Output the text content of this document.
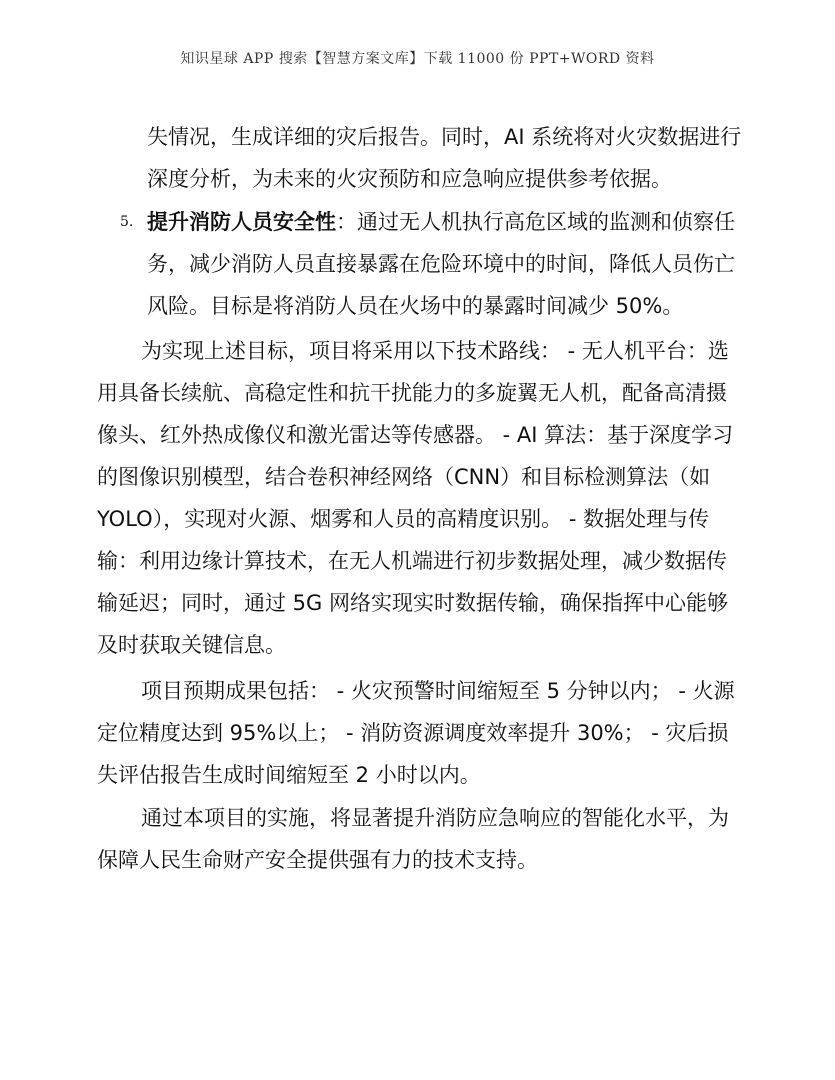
知识星球 APP 搜索【智慧方案文库】下载 11000 份 PPT+WORD 资料
失情况，生成详细的灾后报告。同时，AI 系统将对火灾数据进行深度分析，为未来的火灾预防和应急响应提供参考依据。
5. 提升消防人员安全性：通过无人机执行高危区域的监测和侦察任务，减少消防人员直接暴露在危险环境中的时间，降低人员伤亡风险。目标是将消防人员在火场中的暴露时间减少 50%。
为实现上述目标，项目将采用以下技术路线： - 无人机平台：选用具备长续航、高稳定性和抗干扰能力的多旋翼无人机，配备高清摄像头、红外热成像仪和激光雷达等传感器。 - AI 算法：基于深度学习的图像识别模型，结合卷积神经网络（CNN）和目标检测算法（如 YOLO），实现对火源、烟雾和人员的高精度识别。 - 数据处理与传输：利用边缘计算技术，在无人机端进行初步数据处理，减少数据传输延迟；同时，通过 5G 网络实现实时数据传输，确保指挥中心能够及时获取关键信息。
项目预期成果包括： - 火灾预警时间缩短至 5 分钟以内； - 火源定位精度达到 95%以上； - 消防资源调度效率提升 30%； - 灾后损失评估报告生成时间缩短至 2 小时以内。
通过本项目的实施，将显著提升消防应急响应的智能化水平，为保障人民生命财产安全提供强有力的技术支持。
